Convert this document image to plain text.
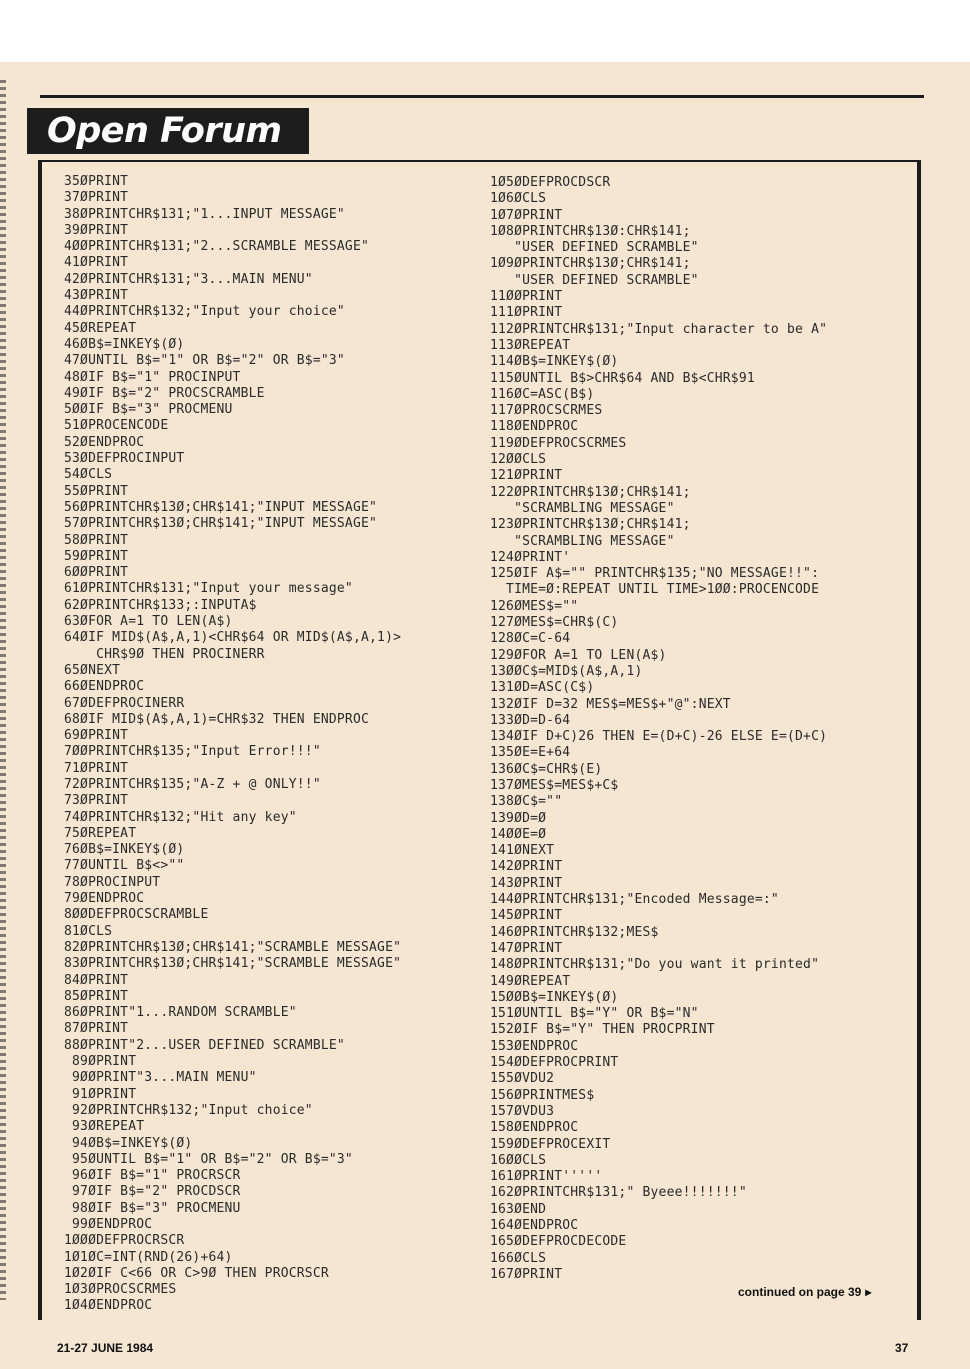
Open Forum
35ØPRINT
37ØPRINT
38ØPRINTCHR$131;"1...INPUT MESSAGE"
39ØPRINT
4ØØPRINTCHR$131;"2...SCRAMBLE MESSAGE"
41ØPRINT
42ØPRINTCHR$131;"3...MAIN MENU"
43ØPRINT
44ØPRINTCHR$132;"Input your choice"
45ØREPEAT
46ØB$=INKEY$(Ø)
47ØUNTIL B$="1" OR B$="2" OR B$="3"
48ØIF B$="1" PROCINPUT
49ØIF B$="2" PROCSCRAMBLE
5ØØIF B$="3" PROCMENU
51ØPROCENCODE
52ØENDPROC
53ØDEFPROCINPUT
54ØCLS
55ØPRINT
56ØPRINTCHR$13Ø;CHR$141;"INPUT MESSAGE"
57ØPRINTCHR$13Ø;CHR$141;"INPUT MESSAGE"
58ØPRINT
59ØPRINT
6ØØPRINT
61ØPRINTCHR$131;"Input your message"
62ØPRINTCHR$133;:INPUTA$
63ØFOR A=1 TO LEN(A$)
64ØIF MID$(A$,A,1)<CHR$64 OR MID$(A$,A,1)>
CHR$9Ø THEN PROCINERR
65ØNEXT
66ØENDPROC
67ØDEFPROCINERR
68ØIF MID$(A$,A,1)=CHR$32 THEN ENDPROC
69ØPRINT
7ØØPRINTCHR$135;"Input Error!!!"
71ØPRINT
72ØPRINTCHR$135;"A-Z + @ ONLY!!"
73ØPRINT
74ØPRINTCHR$132;"Hit any key"
75ØREPEAT
76ØB$=INKEY$(Ø)
77ØUNTIL B$<>""
78ØPROCINPUT
79ØENDPROC
8ØØDEFPROCSCRAMBLE
81ØCLS
82ØPRINTCHR$13Ø;CHR$141;"SCRAMBLE MESSAGE"
83ØPRINTCHR$13Ø;CHR$141;"SCRAMBLE MESSAGE"
84ØPRINT
85ØPRINT
86ØPRINT"1...RANDOM SCRAMBLE"
87ØPRINT
88ØPRINT"2...USER DEFINED SCRAMBLE"
89ØPRINT
9ØØPRINT"3...MAIN MENU"
91ØPRINT
92ØPRINTCHR$132;"Input choice"
93ØREPEAT
94ØB$=INKEY$(Ø)
95ØUNTIL B$="1" OR B$="2" OR B$="3"
96ØIF B$="1" PROCRSCR
97ØIF B$="2" PROCDSCR
98ØIF B$="3" PROCMENU
99ØENDPROC
1ØØØDEFPROCRSCR
1Ø1ØC=INT(RND(26)+64)
1Ø2ØIF C<66 OR C>9Ø THEN PROCRSCR
1Ø3ØPROCSCRMES
1Ø4ØENDPROC
1Ø5ØDEFPROCDSCR
1Ø6ØCLS
1Ø7ØPRINT
1Ø8ØPRINTCHR$13Ø:CHR$141;
"USER DEFINED SCRAMBLE"
1Ø9ØPRINTCHR$13Ø;CHR$141;
"USER DEFINED SCRAMBLE"
11ØØPRINT
111ØPRINT
112ØPRINTCHR$131;"Input character to be A"
113ØREPEAT
114ØB$=INKEY$(Ø)
115ØUNTIL B$>CHR$64 AND B$<CHR$91
116ØC=ASC(B$)
117ØPROCSCRMES
118ØENDPROC
119ØDEFPROCSCRMES
12ØØCLS
121ØPRINT
122ØPRINTCHR$13Ø;CHR$141;
"SCRAMBLING MESSAGE"
123ØPRINTCHR$13Ø;CHR$141;
"SCRAMBLING MESSAGE"
124ØPRINT'
125ØIF A$="" PRINTCHR$135;"NO MESSAGE!!":
TIME=Ø:REPEAT UNTIL TIME>1ØØ:PROCENCODE
126ØMES$=""
127ØMES$=CHR$(C)
128ØC=C-64
129ØFOR A=1 TO LEN(A$)
13ØØC$=MID$(A$,A,1)
131ØD=ASC(C$)
132ØIF D=32 MES$=MES$+"@":NEXT
133ØD=D-64
134ØIF D+C)26 THEN E=(D+C)-26 ELSE E=(D+C)
135ØE=E+64
136ØC$=CHR$(E)
137ØMES$=MES$+C$
138ØC$=""
139ØD=Ø
14ØØE=Ø
141ØNEXT
142ØPRINT
143ØPRINT
144ØPRINTCHR$131;"Encoded Message=:"
145ØPRINT
146ØPRINTCHR$132;MES$
147ØPRINT
148ØPRINTCHR$131;"Do you want it printed"
149ØREPEAT
15ØØB$=INKEY$(Ø)
151ØUNTIL B$="Y" OR B$="N"
152ØIF B$="Y" THEN PROCPRINT
153ØENDPROC
154ØDEFPROCPRINT
155ØVDU2
156ØPRINTMES$
157ØVDU3
158ØENDPROC
159ØDEFPROCEXIT
16ØØCLS
161ØPRINT'''''
162ØPRINTCHR$131;" Byeee!!!!!!!"
163ØEND
164ØENDPROC
165ØDEFPROCDECODE
166ØCLS
167ØPRINT
continued on page 39 ▸
21-27 JUNE 1984	37
